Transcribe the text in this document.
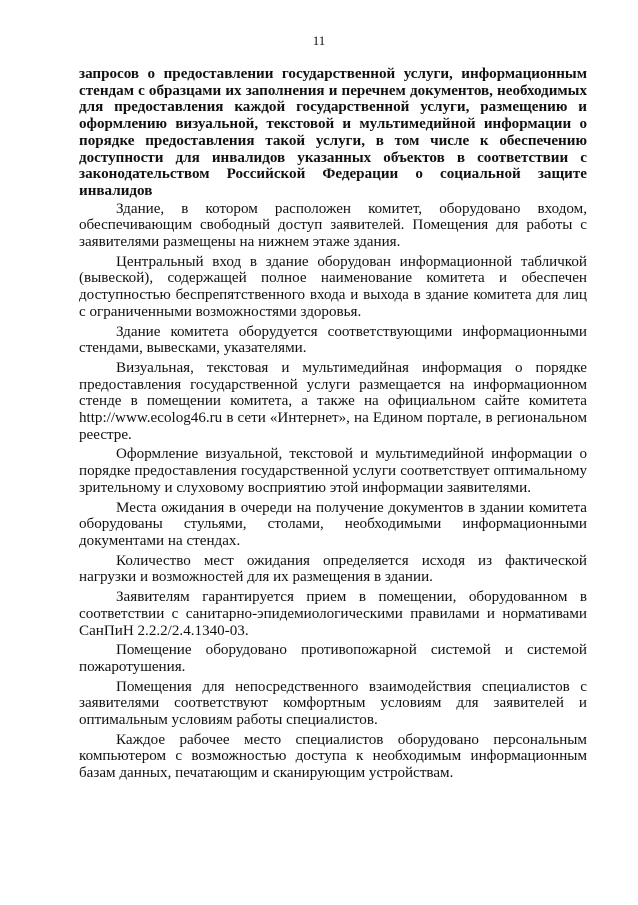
11

запросов о предоставлении государственной услуги, информационным стендам с образцами их заполнения и перечнем документов, необходимых для предоставления каждой государственной услуги, размещению и оформлению визуальной, текстовой и мультимедийной информации о порядке предоставления такой услуги, в том числе к обеспечению доступности для инвалидов указанных объектов в соответствии с законодательством Российской Федерации о социальной защите инвалидов

Здание, в котором расположен комитет, оборудовано входом, обеспечивающим свободный доступ заявителей. Помещения для работы с заявителями размещены на нижнем этаже здания.

Центральный вход в здание оборудован информационной табличкой (вывеской), содержащей полное наименование комитета и обеспечен доступностью беспрепятственного входа и выхода в здание комитета для лиц с ограниченными возможностями здоровья.

Здание комитета оборудуется соответствующими информационными стендами, вывесками, указателями.

Визуальная, текстовая и мультимедийная информация о порядке предоставления государственной услуги размещается на информационном стенде в помещении комитета, а также на официальном сайте комитета http://www.ecolog46.ru в сети «Интернет», на Едином портале, в региональном реестре.

Оформление визуальной, текстовой и мультимедийной информации о порядке предоставления государственной услуги соответствует оптимальному зрительному и слуховому восприятию этой информации заявителями.

Места ожидания в очереди на получение документов в здании комитета оборудованы стульями, столами, необходимыми информационными документами на стендах.

Количество мест ожидания определяется исходя из фактической нагрузки и возможностей для их размещения в здании.

Заявителям гарантируется прием в помещении, оборудованном в соответствии с санитарно-эпидемиологическими правилами и нормативами СанПиН 2.2.2/2.4.1340-03.

Помещение оборудовано противопожарной системой и системой пожаротушения.

Помещения для непосредственного взаимодействия специалистов с заявителями соответствуют комфортным условиям для заявителей и оптимальным условиям работы специалистов.

Каждое рабочее место специалистов оборудовано персональным компьютером с возможностью доступа к необходимым информационным базам данных, печатающим и сканирующим устройствам.
